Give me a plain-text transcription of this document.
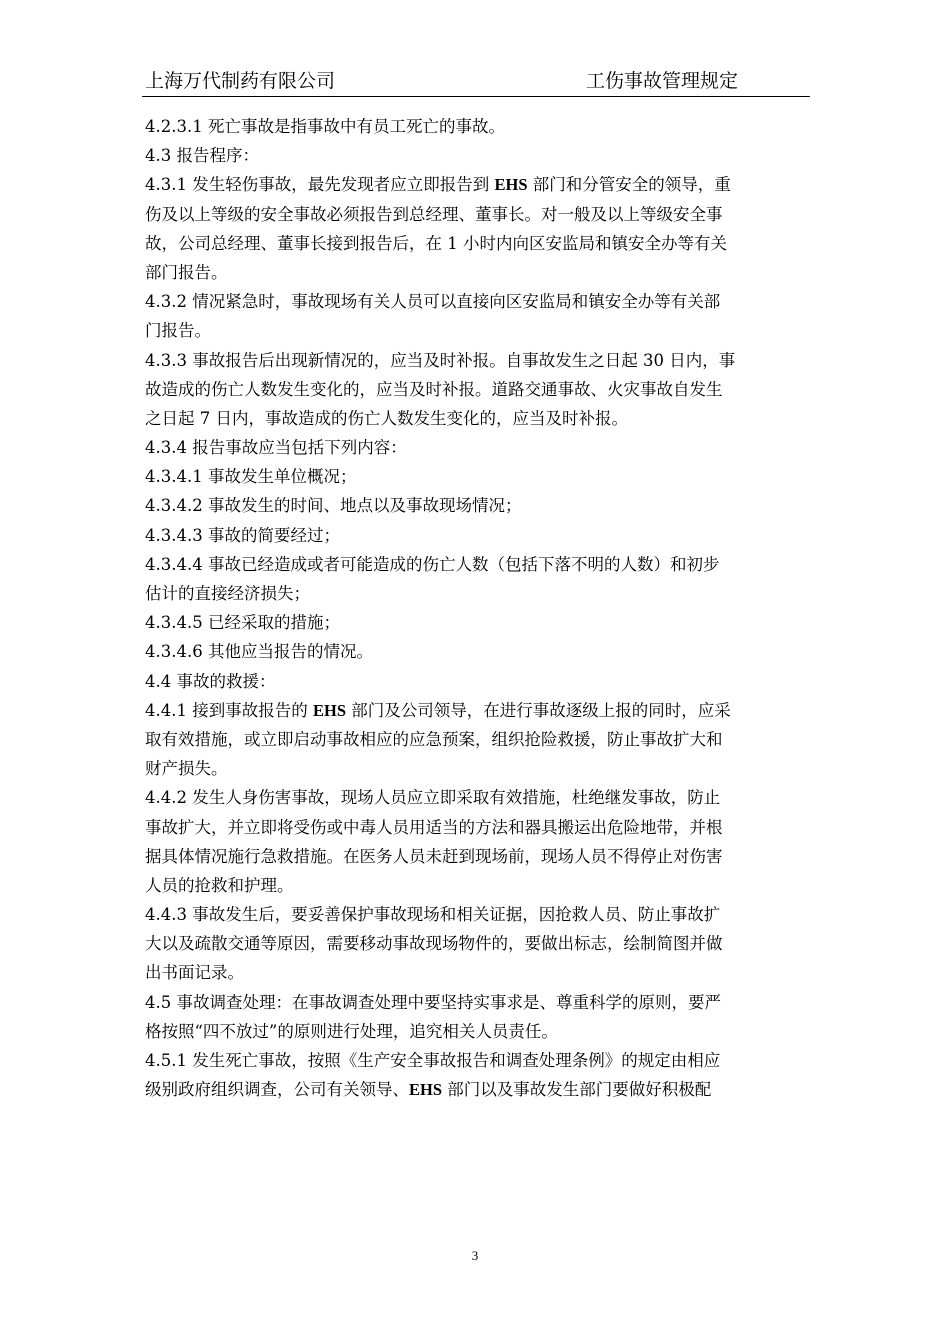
上海万代制药有限公司	工伤事故管理规定
4.2.3.1 死亡事故是指事故中有员工死亡的事故。
4.3 报告程序：
4.3.1 发生轻伤事故，最先发现者应立即报告到 EHS 部门和分管安全的领导，重
伤及以上等级的安全事故必须报告到总经理、董事长。对一般及以上等级安全事
故，公司总经理、董事长接到报告后，在 1 小时内向区安监局和镇安全办等有关
部门报告。
4.3.2 情况紧急时，事故现场有关人员可以直接向区安监局和镇安全办等有关部
门报告。
4.3.3 事故报告后出现新情况的，应当及时补报。自事故发生之日起 30 日内，事
故造成的伤亡人数发生变化的，应当及时补报。道路交通事故、火灾事故自发生
之日起 7 日内，事故造成的伤亡人数发生变化的，应当及时补报。
4.3.4 报告事故应当包括下列内容：
4.3.4.1 事故发生单位概况；
4.3.4.2 事故发生的时间、地点以及事故现场情况；
4.3.4.3 事故的简要经过；
4.3.4.4 事故已经造成或者可能造成的伤亡人数（包括下落不明的人数）和初步
估计的直接经济损失；
4.3.4.5 已经采取的措施；
4.3.4.6 其他应当报告的情况。
4.4 事故的救援：
4.4.1 接到事故报告的 EHS 部门及公司领导，在进行事故逐级上报的同时，应采
取有效措施，或立即启动事故相应的应急预案，组织抢险救援，防止事故扩大和
财产损失。
4.4.2 发生人身伤害事故，现场人员应立即采取有效措施，杜绝继发事故，防止
事故扩大，并立即将受伤或中毒人员用适当的方法和器具搬运出危险地带，并根
据具体情况施行急救措施。在医务人员未赶到现场前，现场人员不得停止对伤害
人员的抢救和护理。
4.4.3 事故发生后，要妥善保护事故现场和相关证据，因抢救人员、防止事故扩
大以及疏散交通等原因，需要移动事故现场物件的，要做出标志，绘制简图并做
出书面记录。
4.5 事故调查处理：在事故调查处理中要坚持实事求是、尊重科学的原则，要严
格按照“四不放过”的原则进行处理，追究相关人员责任。
4.5.1 发生死亡事故，按照《生产安全事故报告和调查处理条例》的规定由相应
级别政府组织调查，公司有关领导、EHS 部门以及事故发生部门要做好积极配
3
